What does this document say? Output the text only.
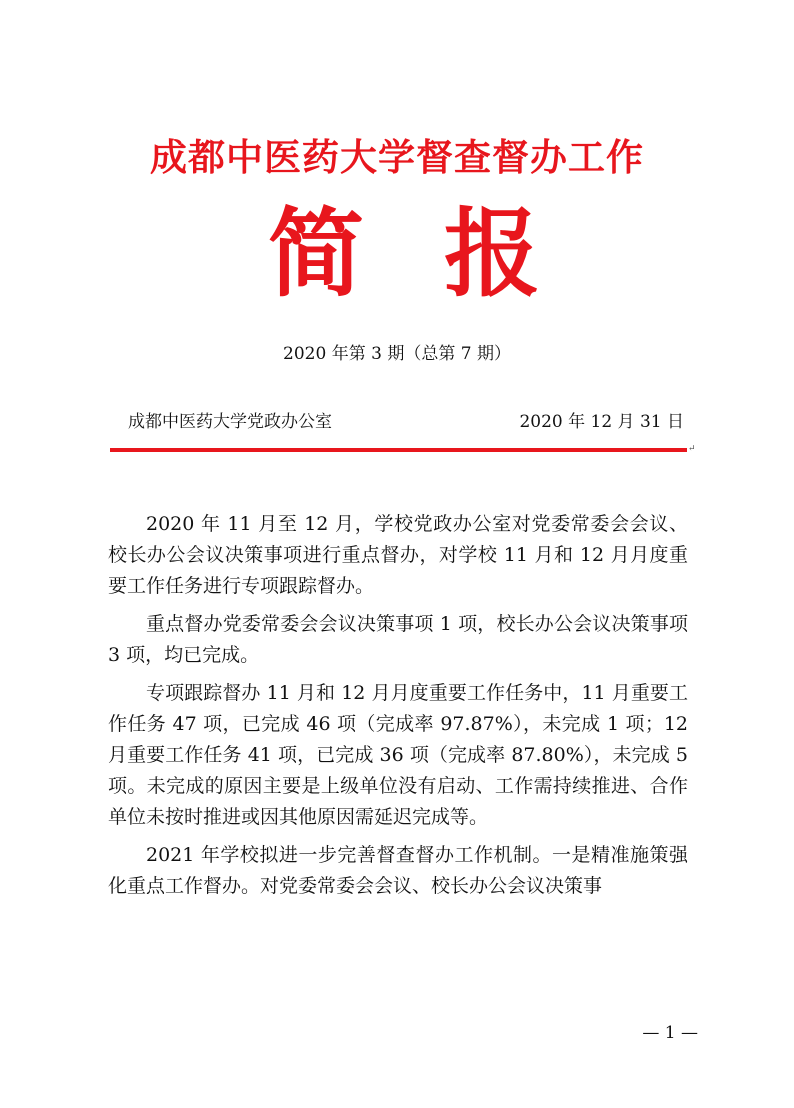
成都中医药大学督查督办工作
简 报
2020 年第 3 期（总第 7 期）
成都中医药大学党政办公室	2020 年 12 月 31 日
↵

2020 年 11 月至 12 月，学校党政办公室对党委常委会会议、校长办公会议决策事项进行重点督办，对学校 11 月和 12 月月度重要工作任务进行专项跟踪督办。

重点督办党委常委会会议决策事项 1 项，校长办公会议决策事项 3 项，均已完成。

专项跟踪督办 11 月和 12 月月度重要工作任务中，11 月重要工作任务 47 项，已完成 46 项（完成率 97.87%），未完成 1 项；12 月重要工作任务 41 项，已完成 36 项（完成率 87.80%），未完成 5 项。未完成的原因主要是上级单位没有启动、工作需持续推进、合作单位未按时推进或因其他原因需延迟完成等。

2021 年学校拟进一步完善督查督办工作机制。一是精准施策强化重点工作督办。对党委常委会会议、校长办公会议决策事

— 1 —
